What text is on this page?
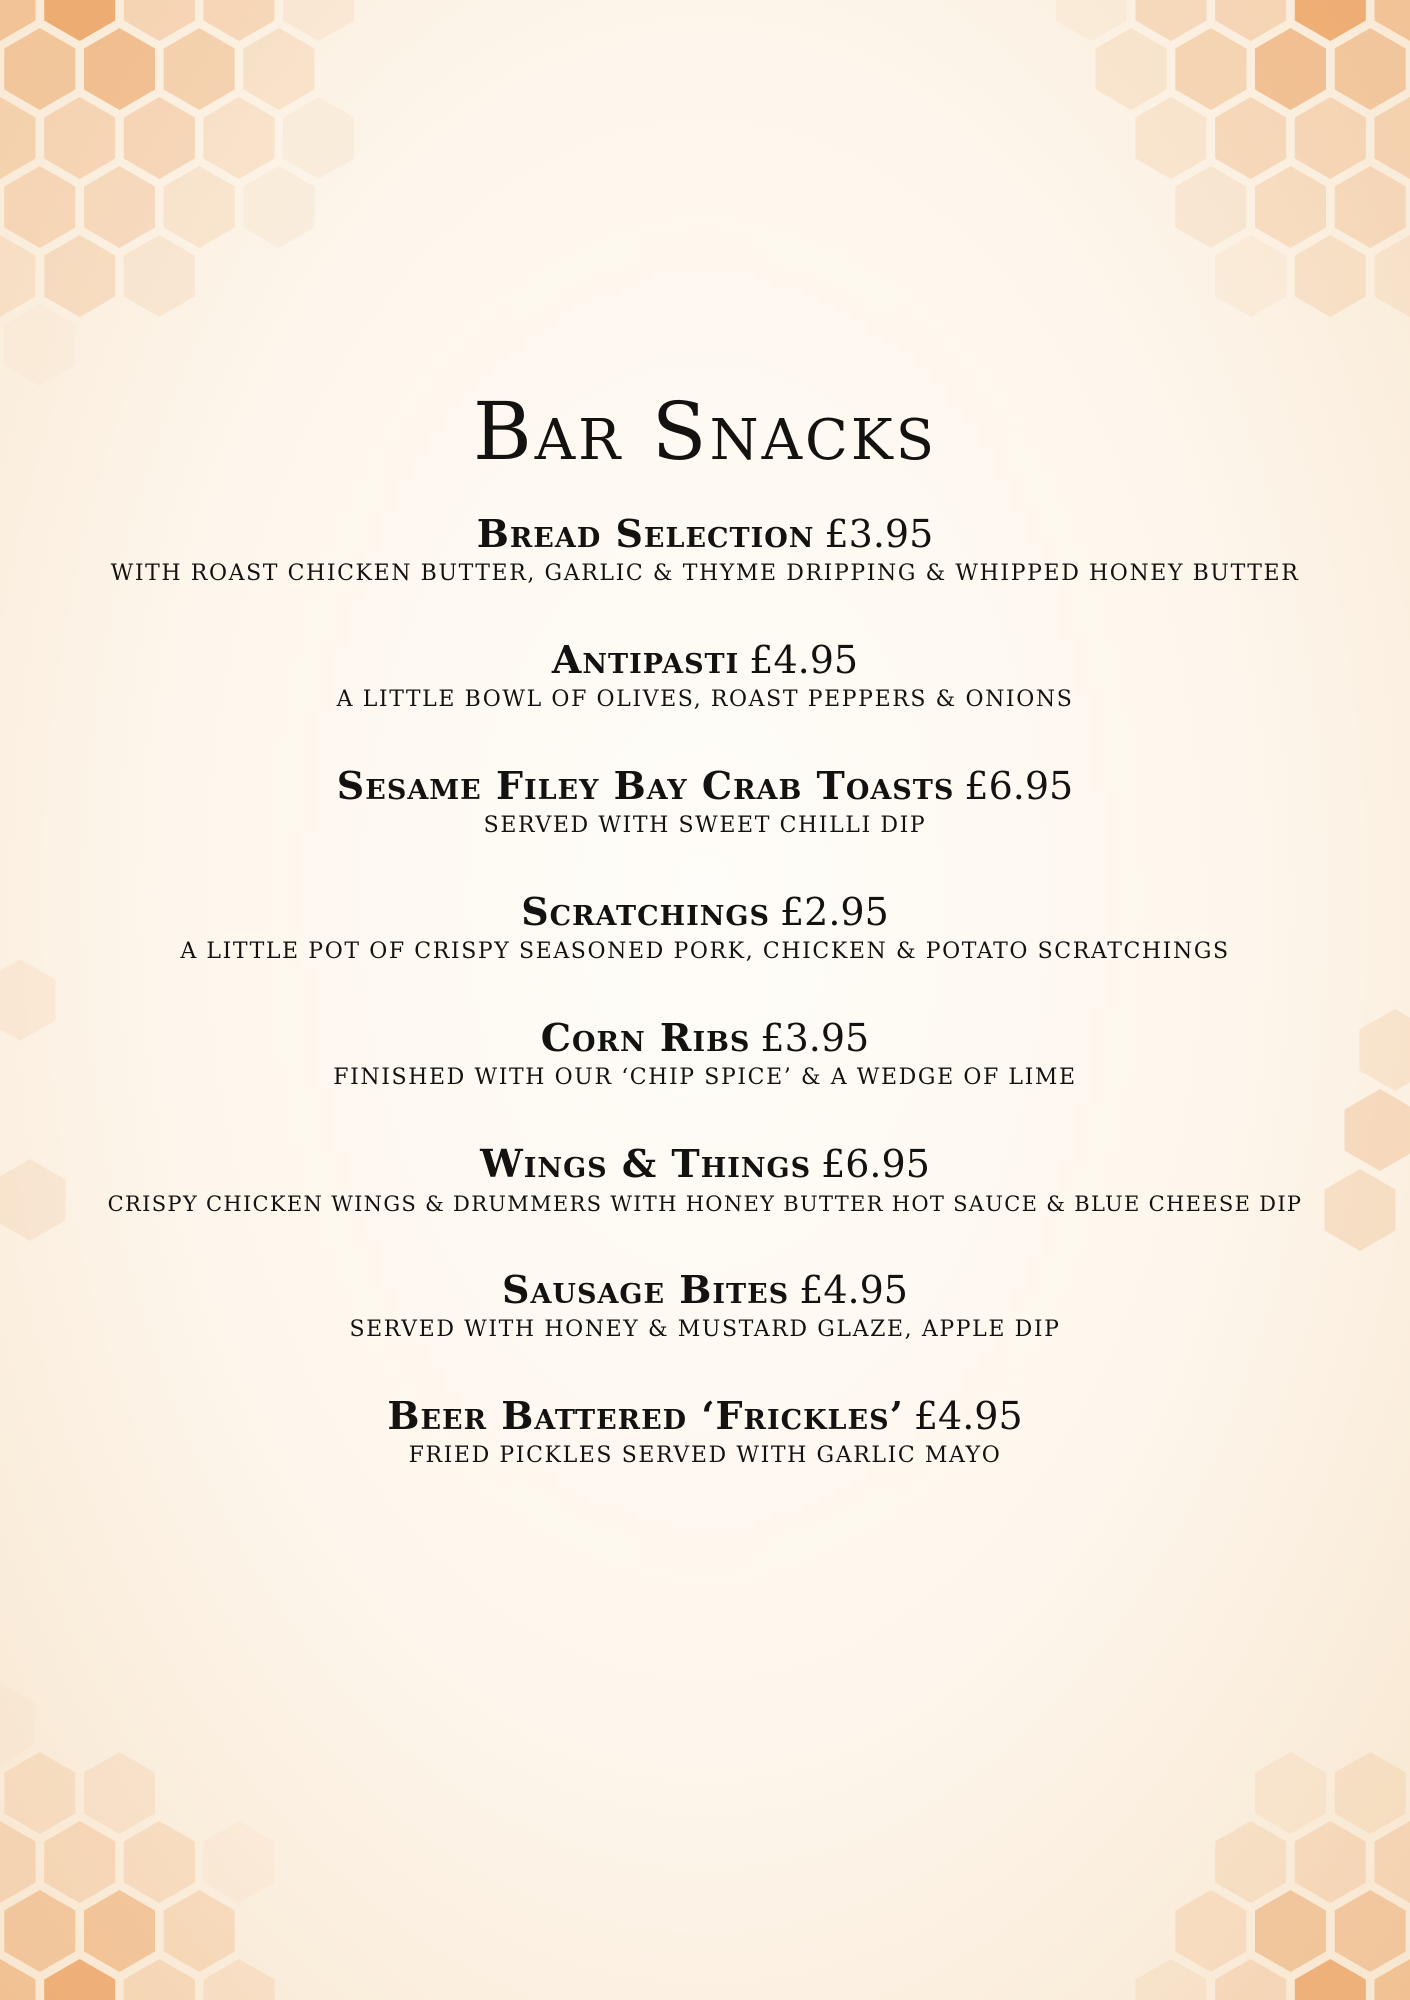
Bar Snacks
Bread Selection £3.95
WITH ROAST CHICKEN BUTTER, GARLIC & THYME DRIPPING & WHIPPED HONEY BUTTER
Antipasti £4.95
A LITTLE BOWL OF OLIVES, ROAST PEPPERS & ONIONS
Sesame Filey Bay Crab Toasts £6.95
SERVED WITH SWEET CHILLI DIP
Scratchings £2.95
A LITTLE POT OF CRISPY SEASONED PORK, CHICKEN & POTATO SCRATCHINGS
Corn Ribs £3.95
FINISHED WITH OUR ‘CHIP SPICE’ & A WEDGE OF LIME
Wings & Things £6.95
CRISPY CHICKEN WINGS & DRUMMERS WITH HONEY BUTTER HOT SAUCE & BLUE CHEESE DIP
Sausage Bites £4.95
SERVED WITH HONEY & MUSTARD GLAZE, APPLE DIP
Beer Battered ‘Frickles’ £4.95
FRIED PICKLES SERVED WITH GARLIC MAYO
